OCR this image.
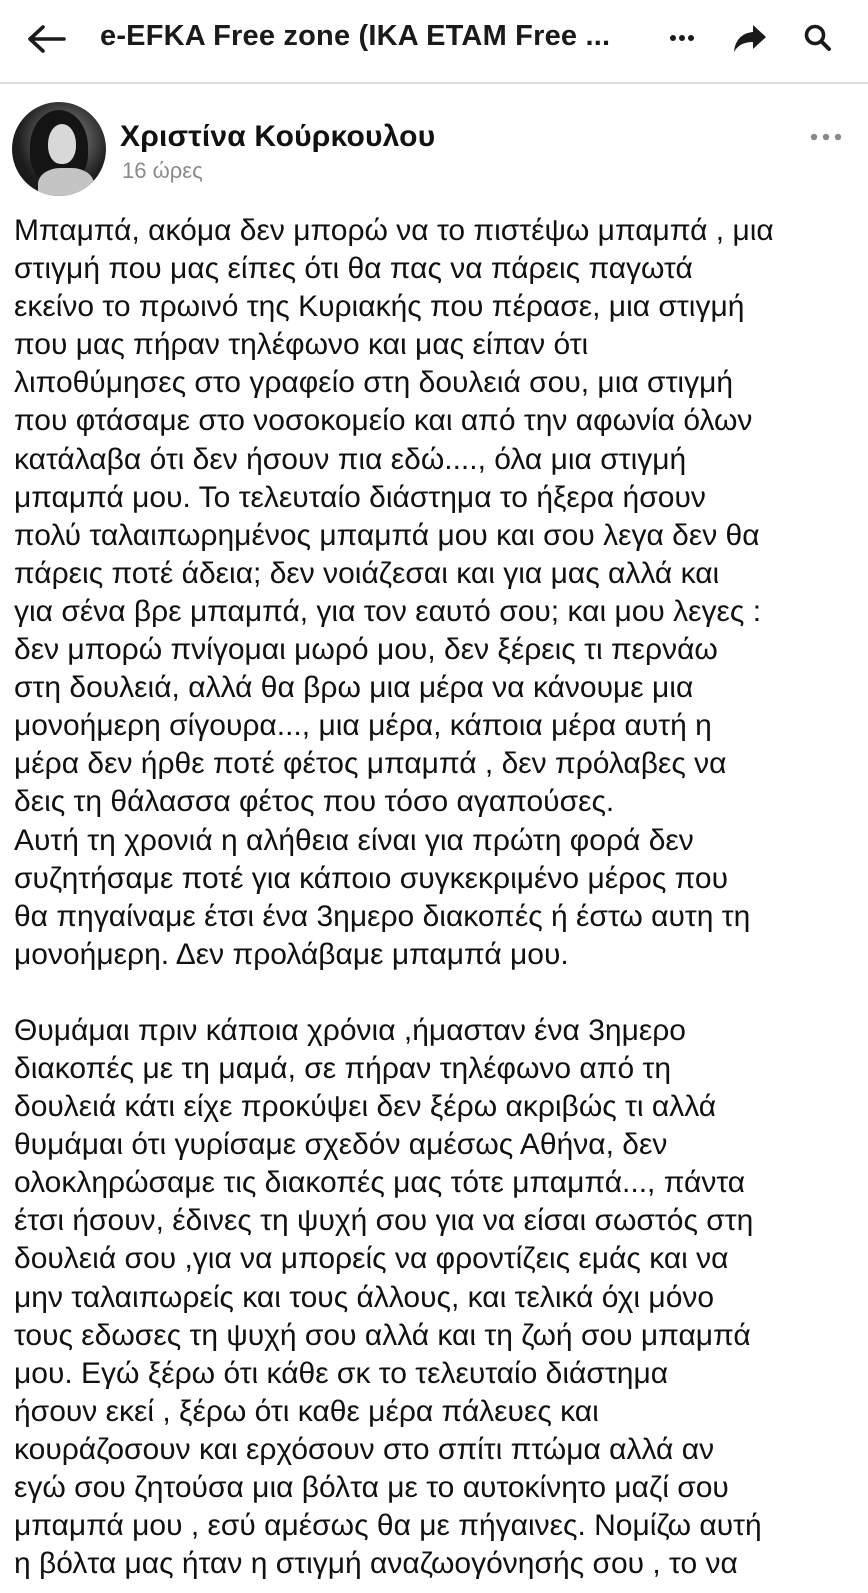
e-EFKA Free zone (IKA ETAM Free ...
Χριστίνα Κούρκουλου
16 ώρες

Μπαμπά, ακόμα δεν μπορώ να το πιστέψω μπαμπά , μια
στιγμή που μας είπες ότι θα πας να πάρεις παγωτά
εκείνο το πρωινό της Κυριακής που πέρασε, μια στιγμή
που μας πήραν τηλέφωνο και μας είπαν ότι
λιποθύμησες στο γραφείο στη δουλειά σου, μια στιγμή
που φτάσαμε στο νοσοκομείο και από την αφωνία όλων
κατάλαβα ότι δεν ήσουν πια εδώ...., όλα μια στιγμή
μπαμπά μου. Το τελευταίο διάστημα το ήξερα ήσουν
πολύ ταλαιπωρημένος μπαμπά μου και σου λεγα δεν θα
πάρεις ποτέ άδεια; δεν νοιάζεσαι και για μας αλλά και
για σένα βρε μπαμπά, για τον εαυτό σου; και μου λεγες :
δεν μπορώ πνίγομαι μωρό μου, δεν ξέρεις τι περνάω
στη δουλειά, αλλά θα βρω μια μέρα να κάνουμε μια
μονοήμερη σίγουρα..., μια μέρα, κάποια μέρα αυτή η
μέρα δεν ήρθε ποτέ φέτος μπαμπά , δεν πρόλαβες να
δεις τη θάλασσα φέτος που τόσο αγαπούσες.
Αυτή τη χρονιά η αλήθεια είναι για πρώτη φορά δεν
συζητήσαμε ποτέ για κάποιο συγκεκριμένο μέρος που
θα πηγαίναμε έτσι ένα 3ημερο διακοπές ή έστω αυτη τη
μονοήμερη. Δεν προλάβαμε μπαμπά μου.

Θυμάμαι πριν κάποια χρόνια ,ήμασταν ένα 3ημερο
διακοπές με τη μαμά, σε πήραν τηλέφωνο από τη
δουλειά κάτι είχε προκύψει δεν ξέρω ακριβώς τι αλλά
θυμάμαι ότι γυρίσαμε σχεδόν αμέσως Αθήνα, δεν
ολοκληρώσαμε τις διακοπές μας τότε μπαμπά..., πάντα
έτσι ήσουν, έδινες τη ψυχή σου για να είσαι σωστός στη
δουλειά σου ,για να μπορείς να φροντίζεις εμάς και να
μην ταλαιπωρείς και τους άλλους, και τελικά όχι μόνο
τους εδωσες τη ψυχή σου αλλά και τη ζωή σου μπαμπά
μου. Εγώ ξέρω ότι κάθε σκ το τελευταίο διάστημα
ήσουν εκεί , ξέρω ότι καθε μέρα πάλευες και
κουράζοσουν και ερχόσουν στο σπίτι πτώμα αλλά αν
εγώ σου ζητούσα μια βόλτα με το αυτοκίνητο μαζί σου
μπαμπά μου , εσύ αμέσως θα με πήγαινες. Νομίζω αυτή
η βόλτα μας ήταν η στιγμή αναζωογόνησής σου , το να
